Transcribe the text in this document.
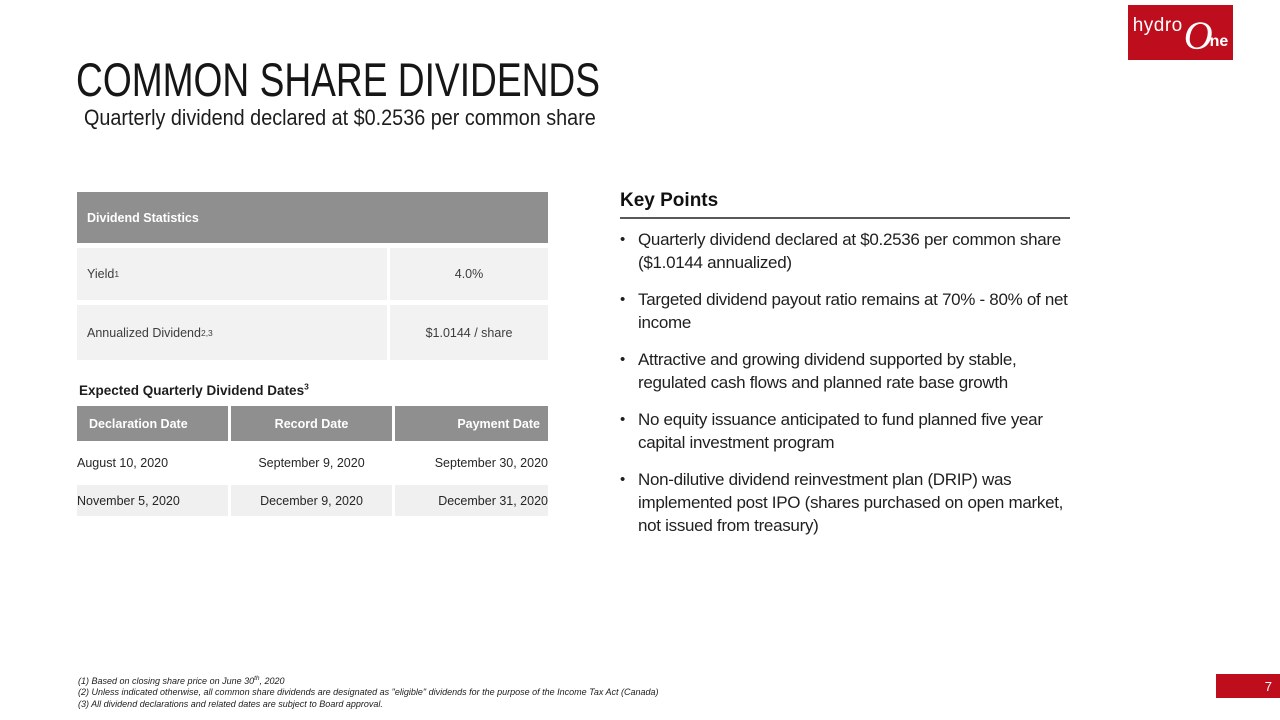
hydro O
ne
COMMON SHARE DIVIDENDS
Quarterly dividend declared at $0.2536 per common share
Dividend Statistics
Yield 1	4.0%
Annualized Dividend 2,3	$1.0144 / share
Expected Quarterly Dividend Dates$^3$
Declaration Date	Record Date	Payment Date
August 10, 2020	September 9, 2020	September 30, 2020
November 5, 2020	December 9, 2020	December 31, 2020
Key Points
• Quarterly dividend declared at $0.2536 per common share ($1.0144 annualized)
• Targeted dividend payout ratio remains at 70% - 80% of net income
• Attractive and growing dividend supported by stable, regulated cash flows and planned rate base growth
• No equity issuance anticipated to fund planned five year capital investment program
• Non-dilutive dividend reinvestment plan (DRIP) was implemented post IPO (shares purchased on open market, not issued from treasury)
(1) Based on closing share price on June 30th, 2020
(2) Unless indicated otherwise, all common share dividends are designated as "eligible" dividends for the purpose of the Income Tax Act (Canada)
(3) All dividend declarations and related dates are subject to Board approval.
7
